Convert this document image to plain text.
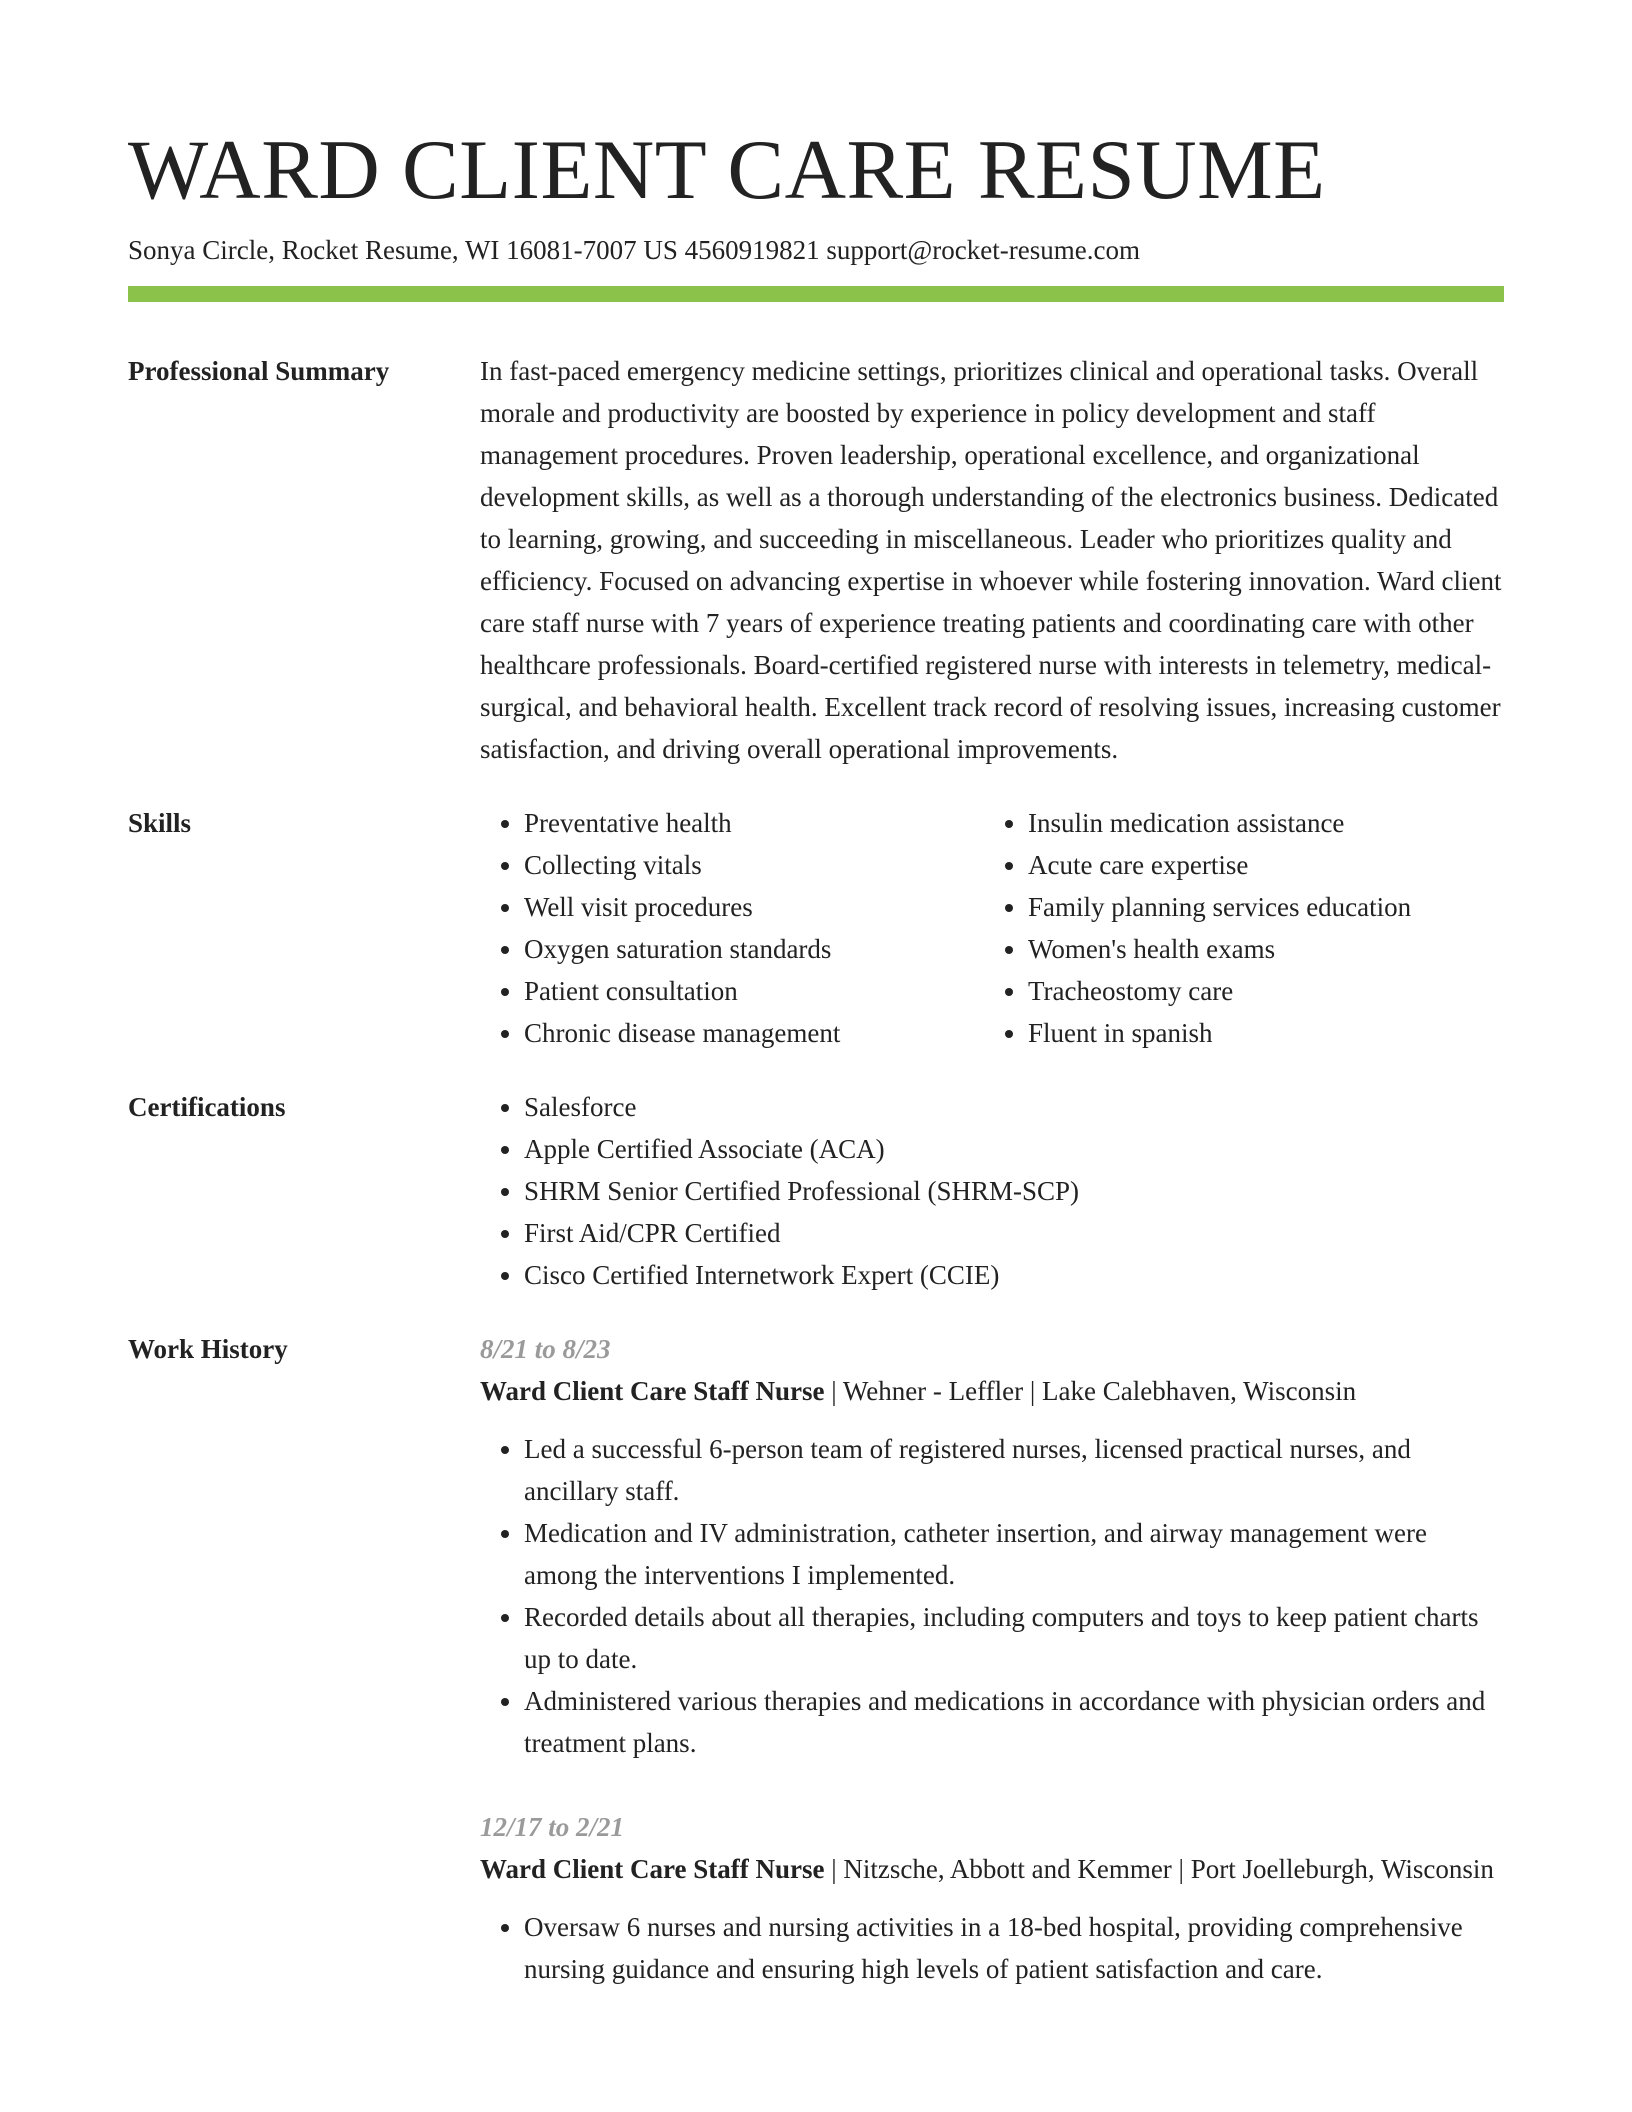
WARD CLIENT CARE RESUME
Sonya Circle, Rocket Resume, WI 16081-7007 US 4560919821 support@rocket-resume.com
Professional Summary	In fast-paced emergency medicine settings, prioritizes clinical and operational tasks. Overall morale and productivity are boosted by experience in policy development and staff management procedures. Proven leadership, operational excellence, and organizational development skills, as well as a thorough understanding of the electronics business. Dedicated to learning, growing, and succeeding in miscellaneous. Leader who prioritizes quality and efficiency. Focused on advancing expertise in whoever while fostering innovation. Ward client care staff nurse with 7 years of experience treating patients and coordinating care with other healthcare professionals. Board-certified registered nurse with interests in telemetry, medical-surgical, and behavioral health. Excellent track record of resolving issues, increasing customer satisfaction, and driving overall operational improvements.

Skills	• Preventative health
• Collecting vitals
• Well visit procedures
• Oxygen saturation standards
• Patient consultation
• Chronic disease management
• Insulin medication assistance
• Acute care expertise
• Family planning services education
• Women's health exams
• Tracheostomy care
• Fluent in spanish
Certifications	• Salesforce
• Apple Certified Associate (ACA)
• SHRM Senior Certified Professional (SHRM-SCP)
• First Aid/CPR Certified
• Cisco Certified Internetwork Expert (CCIE)
Work History	8/21 to 8/23
Ward Client Care Staff Nurse | Wehner - Leffler | Lake Calebhaven, Wisconsin
• Led a successful 6-person team of registered nurses, licensed practical nurses, and ancillary staff.
• Medication and IV administration, catheter insertion, and airway management were among the interventions I implemented.
• Recorded details about all therapies, including computers and toys to keep patient charts up to date.
• Administered various therapies and medications in accordance with physician orders and treatment plans.
12/17 to 2/21
Ward Client Care Staff Nurse | Nitzsche, Abbott and Kemmer | Port Joelleburgh, Wisconsin
• Oversaw 6 nurses and nursing activities in a 18-bed hospital, providing comprehensive nursing guidance and ensuring high levels of patient satisfaction and care.
